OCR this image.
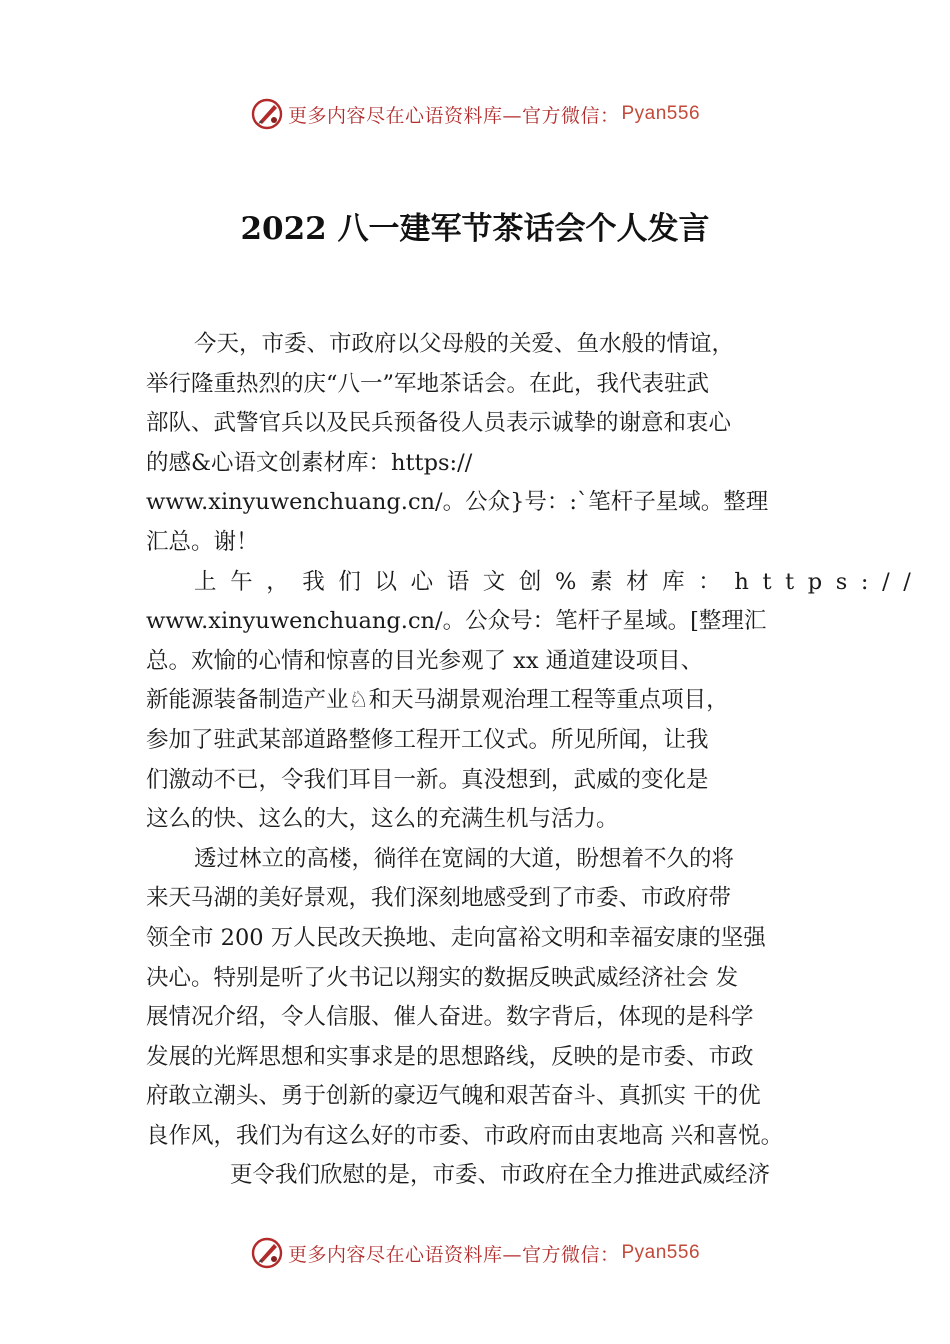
更多内容尽在心语资料库—官方微信： Pyan556
2022 八一建军节茶话会个人发言
今天，市委、市政府以父母般的关爱、鱼水般的情谊，
举行隆重热烈的庆“八一”军地茶话会。在此，我代表驻武
部队、武警官兵以及民兵预备役人员表示诚挚的谢意和衷心
的感&心语文创素材库：https://
www.xinyuwenchuang.cn/。公众}号：:`笔杆子星域。整理
汇总。谢！
上午，我们以心语文创%素材库：https://
www.xinyuwenchuang.cn/。公众号：笔杆子星域。[整理汇
总。欢愉的心情和惊喜的目光参观了 xx 通道建设项目、
新能源装备制造产业♘和天马湖景观治理工程等重点项目，
参加了驻武某部道路整修工程开工仪式。所见所闻，让我
们激动不已，令我们耳目一新。真没想到，武威的变化是
这么的快、这么的大，这么的充满生机与活力。
透过林立的高楼，徜徉在宽阔的大道，盼想着不久的将
来天马湖的美好景观，我们深刻地感受到了市委、市政府带
领全市 200 万人民改天换地、走向富裕文明和幸福安康的坚强
决心。特别是听了火书记以翔实的数据反映武威经济社会 发
展情况介绍，令人信服、催人奋进。数字背后，体现的是科学
发展的光辉思想和实事求是的思想路线，反映的是市委、市政
府敢立潮头、勇于创新的豪迈气魄和艰苦奋斗、真抓实 干的优
良作风，我们为有这么好的市委、市政府而由衷地高 兴和喜悦。
更令我们欣慰的是，市委、市政府在全力推进武威经济
更多内容尽在心语资料库—官方微信： Pyan556
